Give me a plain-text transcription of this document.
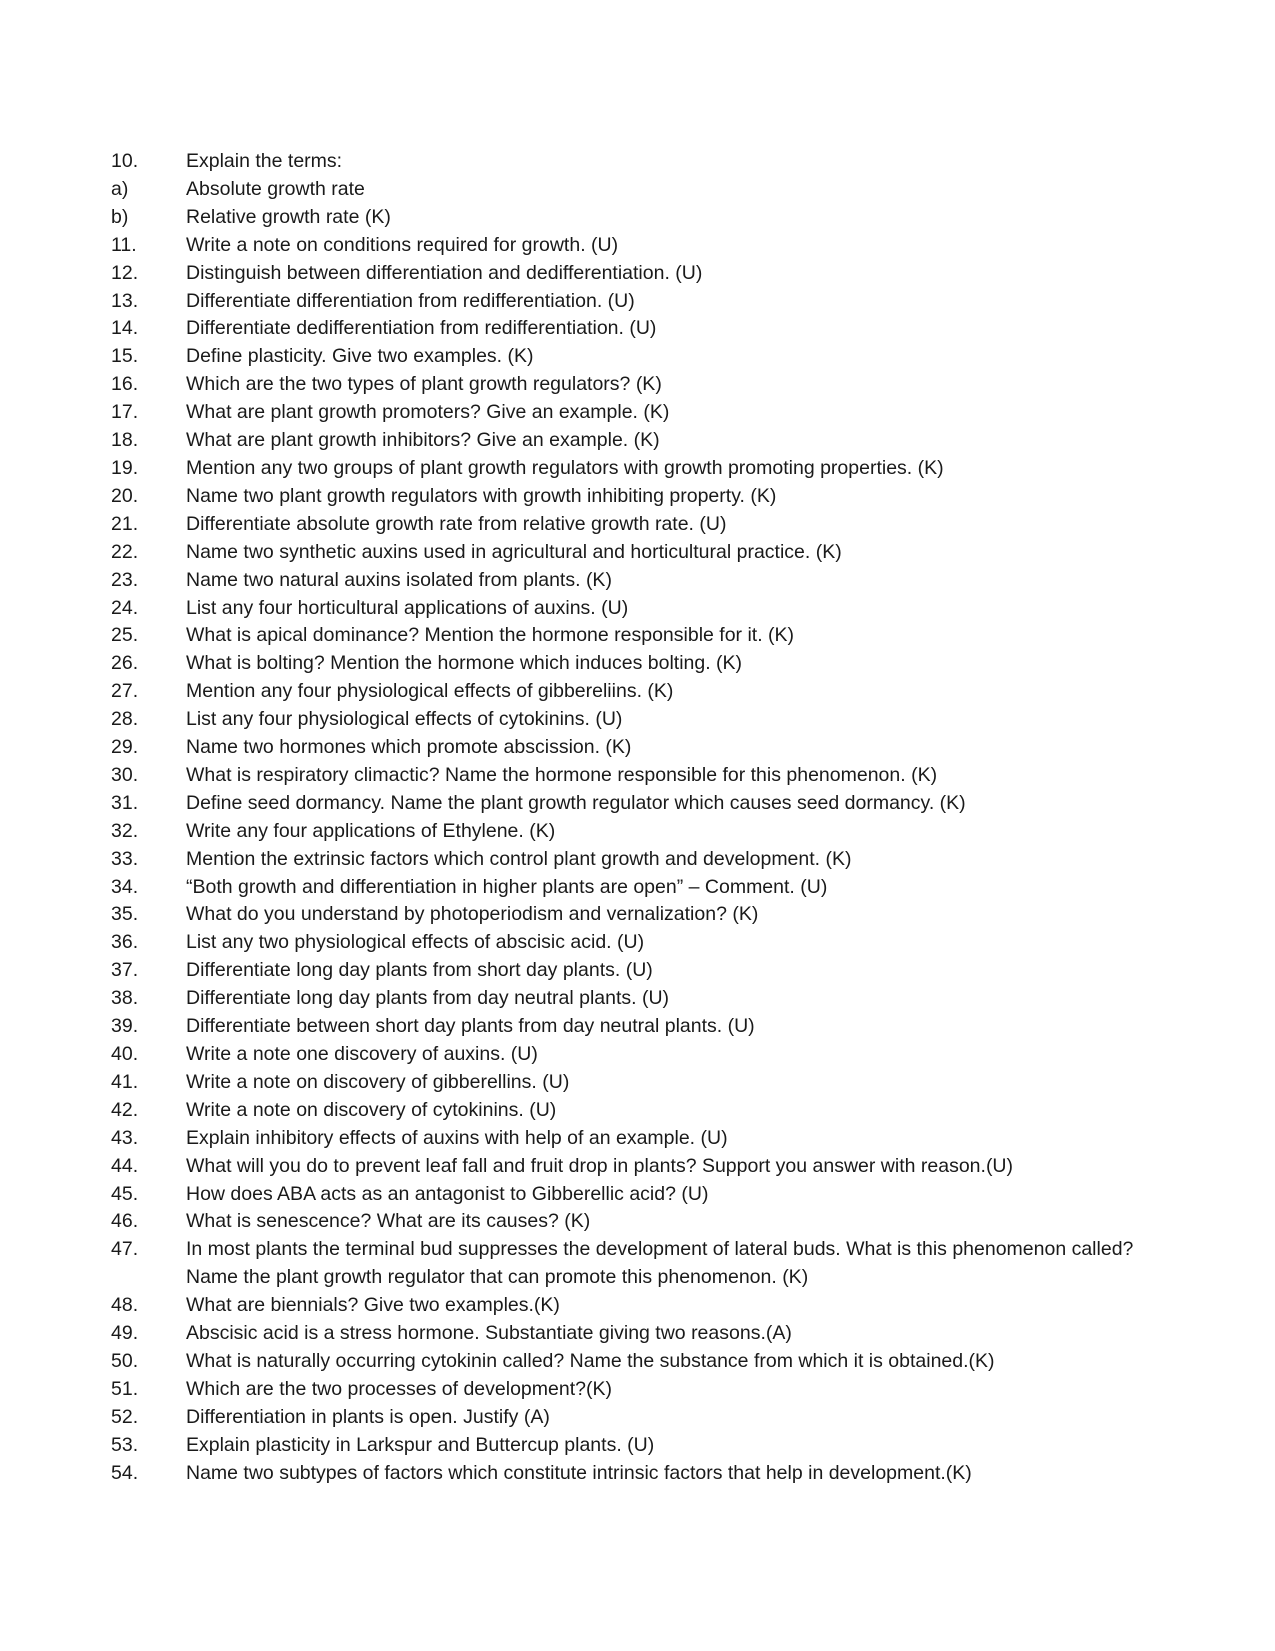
10.	Explain the terms:
a)	Absolute growth rate
b)	Relative growth rate (K)
11.	Write a note on conditions required for growth. (U)
12.	Distinguish between differentiation and dedifferentiation. (U)
13.	Differentiate differentiation from redifferentiation. (U)
14.	Differentiate dedifferentiation from redifferentiation. (U)
15.	Define plasticity. Give two examples. (K)
16.	Which are the two types of plant growth regulators? (K)
17.	What are plant growth promoters? Give an example. (K)
18.	What are plant growth inhibitors? Give an example. (K)
19.	Mention any two groups of plant growth regulators with growth promoting properties. (K)
20.	Name two plant growth regulators with growth inhibiting property. (K)
21.	Differentiate absolute growth rate from relative growth rate. (U)
22.	Name two synthetic auxins used in agricultural and horticultural practice. (K)
23.	Name two natural auxins isolated from plants. (K)
24.	List any four horticultural applications of auxins. (U)
25.	What is apical dominance? Mention the hormone responsible for it. (K)
26.	What is bolting? Mention the hormone which induces bolting. (K)
27.	Mention any four physiological effects of gibbereliins. (K)
28.	List any four physiological effects of cytokinins. (U)
29.	Name two hormones which promote abscission. (K)
30.	What is respiratory climactic? Name the hormone responsible for this phenomenon. (K)
31.	Define seed dormancy. Name the plant growth regulator which causes seed dormancy. (K)
32.	Write any four applications of Ethylene. (K)
33.	Mention the extrinsic factors which control plant growth and development. (K)
34.	“Both growth and differentiation in higher plants are open” – Comment. (U)
35.	What do you understand by photoperiodism and vernalization? (K)
36.	List any two physiological effects of abscisic acid. (U)
37.	Differentiate long day plants from short day plants. (U)
38.	Differentiate long day plants from day neutral plants. (U)
39.	Differentiate between short day plants from day neutral plants. (U)
40.	Write a note one discovery of auxins. (U)
41.	Write a note on discovery of gibberellins. (U)
42.	Write a note on discovery of cytokinins. (U)
43.	Explain inhibitory effects of auxins with help of an example. (U)
44.	What will you do to prevent leaf fall and fruit drop in plants? Support you answer with reason.(U)
45.	How does ABA acts as an antagonist to Gibberellic acid? (U)
46.	What is senescence? What are its causes? (K)
47.	In most plants the terminal bud suppresses the development of lateral buds. What is this phenomenon called? Name the plant growth regulator that can promote this phenomenon. (K)
48.	What are biennials? Give two examples.(K)
49.	Abscisic acid is a stress hormone. Substantiate giving two reasons.(A)
50.	What is naturally occurring cytokinin called? Name the substance from which it is obtained.(K)
51.	Which are the two processes of development?(K)
52.	Differentiation in plants is open. Justify (A)
53.	Explain plasticity in Larkspur and Buttercup plants. (U)
54.	Name two subtypes of factors which constitute intrinsic factors that help in development.(K)
